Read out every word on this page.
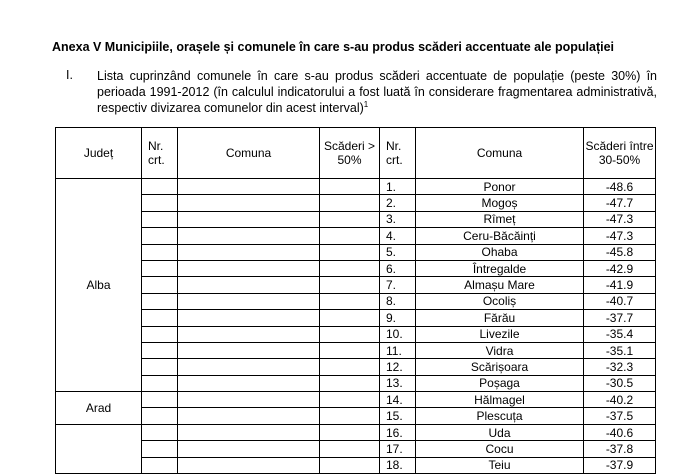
Anexa V Municipiile, orașele și comunele în care s-au produs scăderi accentuate ale populației
I. Lista cuprinzând comunele în care s-au produs scăderi accentuate de populație (peste 30%) în perioada 1991-2012 (în calculul indicatorului a fost luată în considerare fragmentarea administrativă, respectiv divizarea comunelor din acest interval)$^1$
Județ	Nr. crt.	Comuna	Scăderi > 50%	Nr. crt.	Comuna	Scăderi între 30-50%
Alba				1.	Ponor	-48.6
				2.	Mogoș	-47.7
				3.	Rîmeț	-47.3
				4.	Ceru-Băcăinți	-47.3
				5.	Ohaba	-45.8
				6.	Întregalde	-42.9
				7.	Almașu Mare	-41.9
				8.	Ocoliș	-40.7
				9.	Fărău	-37.7
				10.	Livezile	-35.4
				11.	Vidra	-35.1
				12.	Scărișoara	-32.3
				13.	Poșaga	-30.5
Arad				14.	Hălmagel	-40.2
				15.	Plescuța	-37.5
				16.	Uda	-40.6
				17.	Cocu	-37.8
				18.	Teiu	-37.9
